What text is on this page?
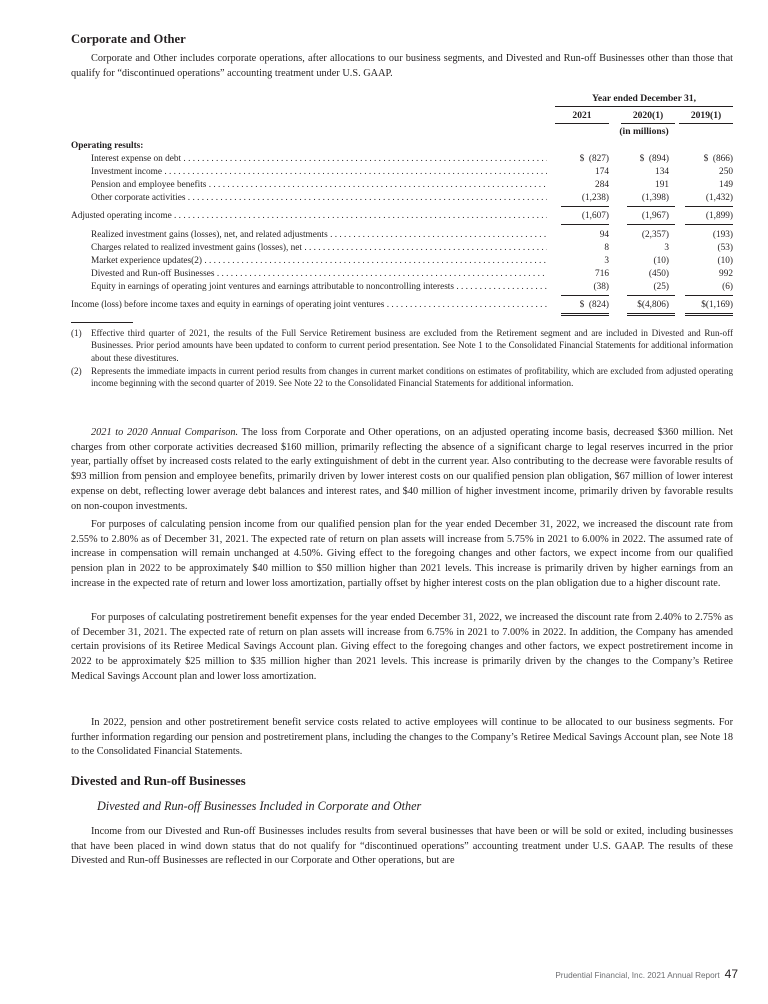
Corporate and Other

Corporate and Other includes corporate operations, after allocations to our business segments, and Divested and Run-off Businesses other than those that qualify for “discontinued operations” accounting treatment under U.S. GAAP.

Year ended December 31,
2021	2020(1)	2019(1)
(in millions)
Operating results:
Interest expense on debt . . .	$  (827)	$  (894)	$  (866)
Investment income . . .	174	134	250
Pension and employee benefits . . .	284	191	149
Other corporate activities . . .	(1,238)	(1,398)	(1,432)
Adjusted operating income . . .	(1,607)	(1,967)	(1,899)
Realized investment gains (losses), net, and related adjustments . . .	94	(2,357)	(193)
Charges related to realized investment gains (losses), net . . .	8	3	(53)
Market experience updates(2) . . .	3	(10)	(10)
Divested and Run-off Businesses . . .	716	(450)	992
Equity in earnings of operating joint ventures and earnings attributable to noncontrolling interests . . .	(38)	(25)	(6)
Income (loss) before income taxes and equity in earnings of operating joint ventures . . .	$  (824)	$(4,806)	$(1,169)
(1) Effective third quarter of 2021, the results of the Full Service Retirement business are excluded from the Retirement segment and are included in Divested and Run-off Businesses. Prior period amounts have been updated to conform to current period presentation. See Note 1 to the Consolidated Financial Statements for additional information about these divestitures.
(2) Represents the immediate impacts in current period results from changes in current market conditions on estimates of profitability, which are excluded from adjusted operating income beginning with the second quarter of 2019. See Note 22 to the Consolidated Financial Statements for additional information.

2021 to 2020 Annual Comparison. The loss from Corporate and Other operations, on an adjusted operating income basis, decreased $360 million. Net charges from other corporate activities decreased $160 million, primarily reflecting the absence of a significant charge to legal reserves incurred in the prior year, partially offset by increased costs related to the early extinguishment of debt in the current year. Also contributing to the decrease were favorable results of $93 million from pension and employee benefits, primarily driven by lower interest costs on our qualified pension plan obligation, $67 million of lower interest expense on debt, reflecting lower average debt balances and interest rates, and $40 million of higher investment income, primarily driven by favorable results on non-coupon investments.

For purposes of calculating pension income from our qualified pension plan for the year ended December 31, 2022, we increased the discount rate from 2.55% to 2.80% as of December 31, 2021. The expected rate of return on plan assets will increase from 5.75% in 2021 to 6.00% in 2022. The assumed rate of increase in compensation will remain unchanged at 4.50%. Giving effect to the foregoing changes and other factors, we expect income from our qualified pension plan in 2022 to be approximately $40 million to $50 million higher than 2021 levels. This increase is primarily driven by higher earnings from an increase in the expected rate of return and lower loss amortization, partially offset by higher interest costs on the plan obligation due to a higher discount rate.

For purposes of calculating postretirement benefit expenses for the year ended December 31, 2022, we increased the discount rate from 2.40% to 2.75% as of December 31, 2021. The expected rate of return on plan assets will increase from 6.75% in 2021 to 7.00% in 2022. In addition, the Company has amended certain provisions of its Retiree Medical Savings Account plan. Giving effect to the foregoing changes and other factors, we expect postretirement income in 2022 to be approximately $25 million to $35 million higher than 2021 levels. This increase is primarily driven by the changes to the Company’s Retiree Medical Savings Account plan and lower loss amortization.

In 2022, pension and other postretirement benefit service costs related to active employees will continue to be allocated to our business segments. For further information regarding our pension and postretirement plans, including the changes to the Company’s Retiree Medical Savings Account plan, see Note 18 to the Consolidated Financial Statements.

Divested and Run-off Businesses
Divested and Run-off Businesses Included in Corporate and Other

Income from our Divested and Run-off Businesses includes results from several businesses that have been or will be sold or exited, including businesses that have been placed in wind down status that do not qualify for “discontinued operations” accounting treatment under U.S. GAAP. The results of these Divested and Run-off Businesses are reflected in our Corporate and Other operations, but are

Prudential Financial, Inc. 2021 Annual Report 47
